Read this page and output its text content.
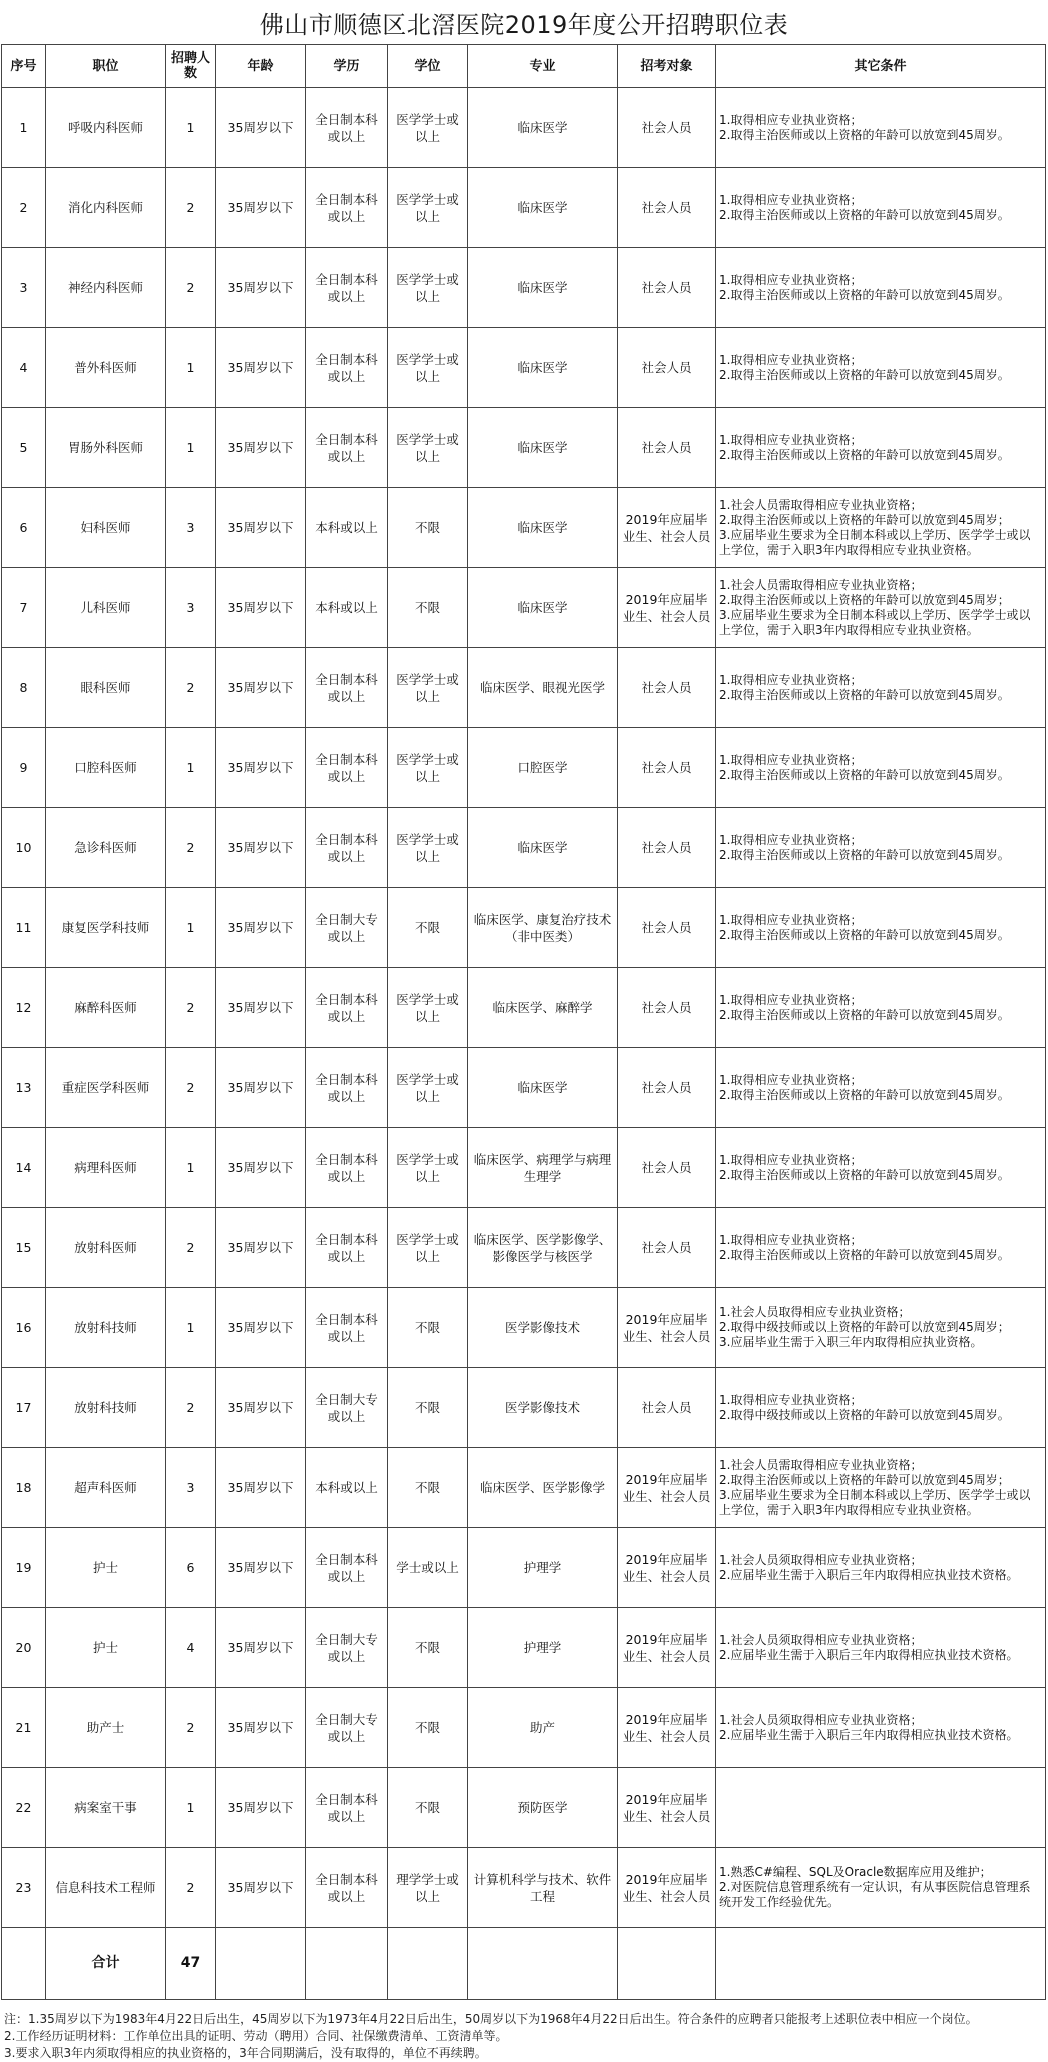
佛山市顺德区北滘医院2019年度公开招聘职位表
序号	职位	招聘人数	年龄	学历	学位	专业	招考对象	其它条件
1	呼吸内科医师	1	35周岁以下	全日制本科或以上	医学学士或以上	临床医学	社会人员	1.取得相应专业执业资格；
2.取得主治医师或以上资格的年龄可以放宽到45周岁。

2	消化内科医师	2	35周岁以下	全日制本科或以上	医学学士或以上	临床医学	社会人员	1.取得相应专业执业资格；
2.取得主治医师或以上资格的年龄可以放宽到45周岁。

3	神经内科医师	2	35周岁以下	全日制本科或以上	医学学士或以上	临床医学	社会人员	1.取得相应专业执业资格；
2.取得主治医师或以上资格的年龄可以放宽到45周岁。

4	普外科医师	1	35周岁以下	全日制本科或以上	医学学士或以上	临床医学	社会人员	1.取得相应专业执业资格；
2.取得主治医师或以上资格的年龄可以放宽到45周岁。

5	胃肠外科医师	1	35周岁以下	全日制本科或以上	医学学士或以上	临床医学	社会人员	1.取得相应专业执业资格；
2.取得主治医师或以上资格的年龄可以放宽到45周岁。

6	妇科医师	3	35周岁以下	本科或以上	不限	临床医学	2019年应届毕业生、社会人员	1.社会人员需取得相应专业执业资格；
2.取得主治医师或以上资格的年龄可以放宽到45周岁；
3.应届毕业生要求为全日制本科或以上学历、医学学士或以上学位，需于入职3年内取得相应专业执业资格。

7	儿科医师	3	35周岁以下	本科或以上	不限	临床医学	2019年应届毕业生、社会人员	1.社会人员需取得相应专业执业资格；
2.取得主治医师或以上资格的年龄可以放宽到45周岁；
3.应届毕业生要求为全日制本科或以上学历、医学学士或以上学位，需于入职3年内取得相应专业执业资格。

8	眼科医师	2	35周岁以下	全日制本科或以上	医学学士或以上	临床医学、眼视光医学	社会人员	1.取得相应专业执业资格；
2.取得主治医师或以上资格的年龄可以放宽到45周岁。

9	口腔科医师	1	35周岁以下	全日制本科或以上	医学学士或以上	口腔医学	社会人员	1.取得相应专业执业资格；
2.取得主治医师或以上资格的年龄可以放宽到45周岁。

10	急诊科医师	2	35周岁以下	全日制本科或以上	医学学士或以上	临床医学	社会人员	1.取得相应专业执业资格；
2.取得主治医师或以上资格的年龄可以放宽到45周岁。

11	康复医学科技师	1	35周岁以下	全日制大专或以上	不限	临床医学、康复治疗技术（非中医类）	社会人员	1.取得相应专业执业资格；
2.取得主治医师或以上资格的年龄可以放宽到45周岁。

12	麻醉科医师	2	35周岁以下	全日制本科或以上	医学学士或以上	临床医学、麻醉学	社会人员	1.取得相应专业执业资格；
2.取得主治医师或以上资格的年龄可以放宽到45周岁。

13	重症医学科医师	2	35周岁以下	全日制本科或以上	医学学士或以上	临床医学	社会人员	1.取得相应专业执业资格；
2.取得主治医师或以上资格的年龄可以放宽到45周岁。

14	病理科医师	1	35周岁以下	全日制本科或以上	医学学士或以上	临床医学、病理学与病理生理学	社会人员	1.取得相应专业执业资格；
2.取得主治医师或以上资格的年龄可以放宽到45周岁。

15	放射科医师	2	35周岁以下	全日制本科或以上	医学学士或以上	临床医学、医学影像学、影像医学与核医学	社会人员	1.取得相应专业执业资格；
2.取得主治医师或以上资格的年龄可以放宽到45周岁。

16	放射科技师	1	35周岁以下	全日制本科或以上	不限	医学影像技术	2019年应届毕业生、社会人员	1.社会人员取得相应专业执业资格；
2.取得中级技师或以上资格的年龄可以放宽到45周岁；
3.应届毕业生需于入职三年内取得相应执业资格。

17	放射科技师	2	35周岁以下	全日制大专或以上	不限	医学影像技术	社会人员	1.取得相应专业执业资格；
2.取得中级技师或以上资格的年龄可以放宽到45周岁。

18	超声科医师	3	35周岁以下	本科或以上	不限	临床医学、医学影像学	2019年应届毕业生、社会人员	1.社会人员需取得相应专业执业资格；
2.取得主治医师或以上资格的年龄可以放宽到45周岁；
3.应届毕业生要求为全日制本科或以上学历、医学学士或以上学位，需于入职3年内取得相应专业执业资格。

19	护士	6	35周岁以下	全日制本科或以上	学士或以上	护理学	2019年应届毕业生、社会人员	1.社会人员须取得相应专业执业资格；
2.应届毕业生需于入职后三年内取得相应执业技术资格。

20	护士	4	35周岁以下	全日制大专或以上	不限	护理学	2019年应届毕业生、社会人员	1.社会人员须取得相应专业执业资格；
2.应届毕业生需于入职后三年内取得相应执业技术资格。

21	助产士	2	35周岁以下	全日制大专或以上	不限	助产	2019年应届毕业生、社会人员	1.社会人员须取得相应专业执业资格；
2.应届毕业生需于入职后三年内取得相应执业技术资格。

22	病案室干事	1	35周岁以下	全日制本科或以上	不限	预防医学	2019年应届毕业生、社会人员	
23	信息科技术工程师	2	35周岁以下	全日制本科或以上	理学学士或以上	计算机科学与技术、软件工程	2019年应届毕业生、社会人员	1.熟悉C#编程、SQL及Oracle数据库应用及维护；
2.对医院信息管理系统有一定认识，有从事医院信息管理系统开发工作经验优先。

	合计	47						
注：1.35周岁以下为1983年4月22日后出生，45周岁以下为1973年4月22日后出生，50周岁以下为1968年4月22日后出生。符合条件的应聘者只能报考上述职位表中相应一个岗位。
2.工作经历证明材料：工作单位出具的证明、劳动（聘用）合同、社保缴费清单、工资清单等。
3.要求入职3年内须取得相应的执业资格的，3年合同期满后，没有取得的，单位不再续聘。
